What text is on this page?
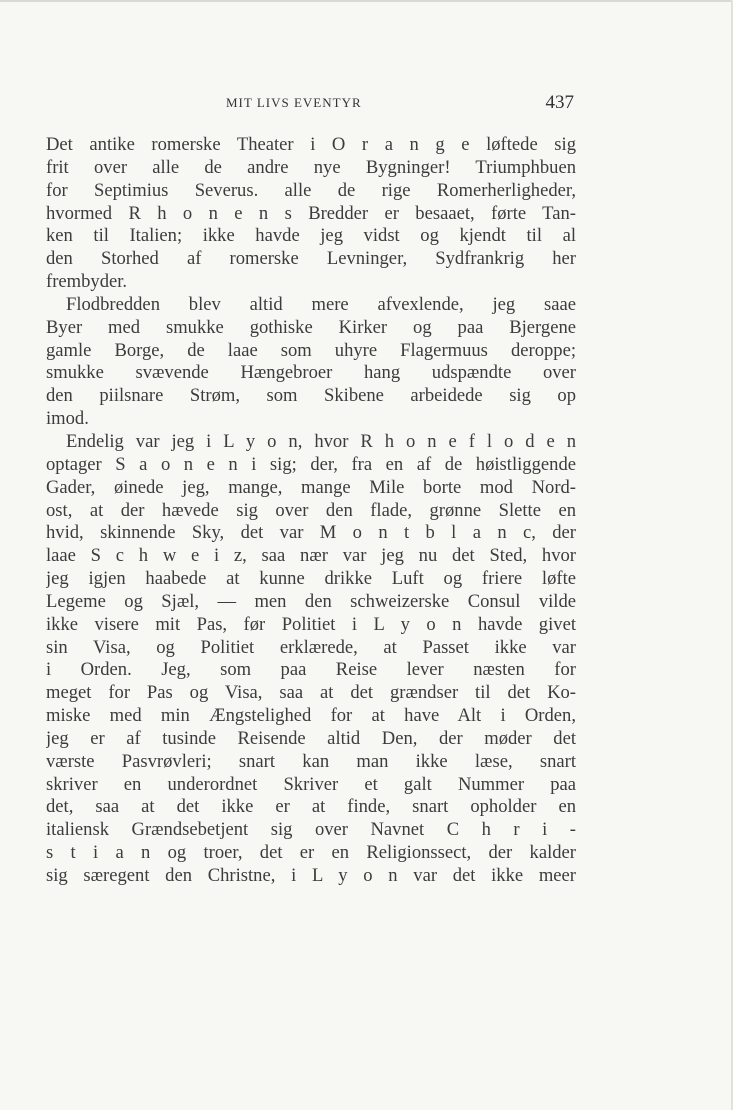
MIT LIVS EVENTYR	437
Det antike romerske Theater i O r a n g e løftede sig
frit over alle de andre nye Bygninger! Triumphbuen
for Septimius Severus. alle de rige Romerherligheder,
hvormed R h o n e n s Bredder er besaaet, førte Tan-
ken til Italien; ikke havde jeg vidst og kjendt til al
den Storhed af romerske Levninger, Sydfrankrig her
frembyder.
Flodbredden blev altid mere afvexlende, jeg saae
Byer med smukke gothiske Kirker og paa Bjergene
gamle Borge, de laae som uhyre Flagermuus deroppe;
smukke svævende Hængebroer hang udspændte over
den piilsnare Strøm, som Skibene arbeidede sig op
imod.
Endelig var jeg i L y o n, hvor R h o n e f l o d e n
optager S a o n e n i sig; der, fra en af de høistliggende
Gader, øinede jeg, mange, mange Mile borte mod Nord-
ost, at der hævede sig over den flade, grønne Slette en
hvid, skinnende Sky, det var M o n t b l a n c, der
laae S c h w e i z, saa nær var jeg nu det Sted, hvor
jeg igjen haabede at kunne drikke Luft og friere løfte
Legeme og Sjæl, — men den schweizerske Consul vilde
ikke visere mit Pas, før Politiet i L y o n havde givet
sin Visa, og Politiet erklærede, at Passet ikke var
i Orden. Jeg, som paa Reise lever næsten for
meget for Pas og Visa, saa at det grændser til det Ko-
miske med min Ængstelighed for at have Alt i Orden,
jeg er af tusinde Reisende altid Den, der møder det
værste Pasvrøvleri; snart kan man ikke læse, snart
skriver en underordnet Skriver et galt Nummer paa
det, saa at det ikke er at finde, snart opholder en
italiensk Grændsebetjent sig over Navnet C h r i -
s t i a n og troer, det er en Religionssect, der kalder
sig særegent den Christne, i L y o n var det ikke meer
